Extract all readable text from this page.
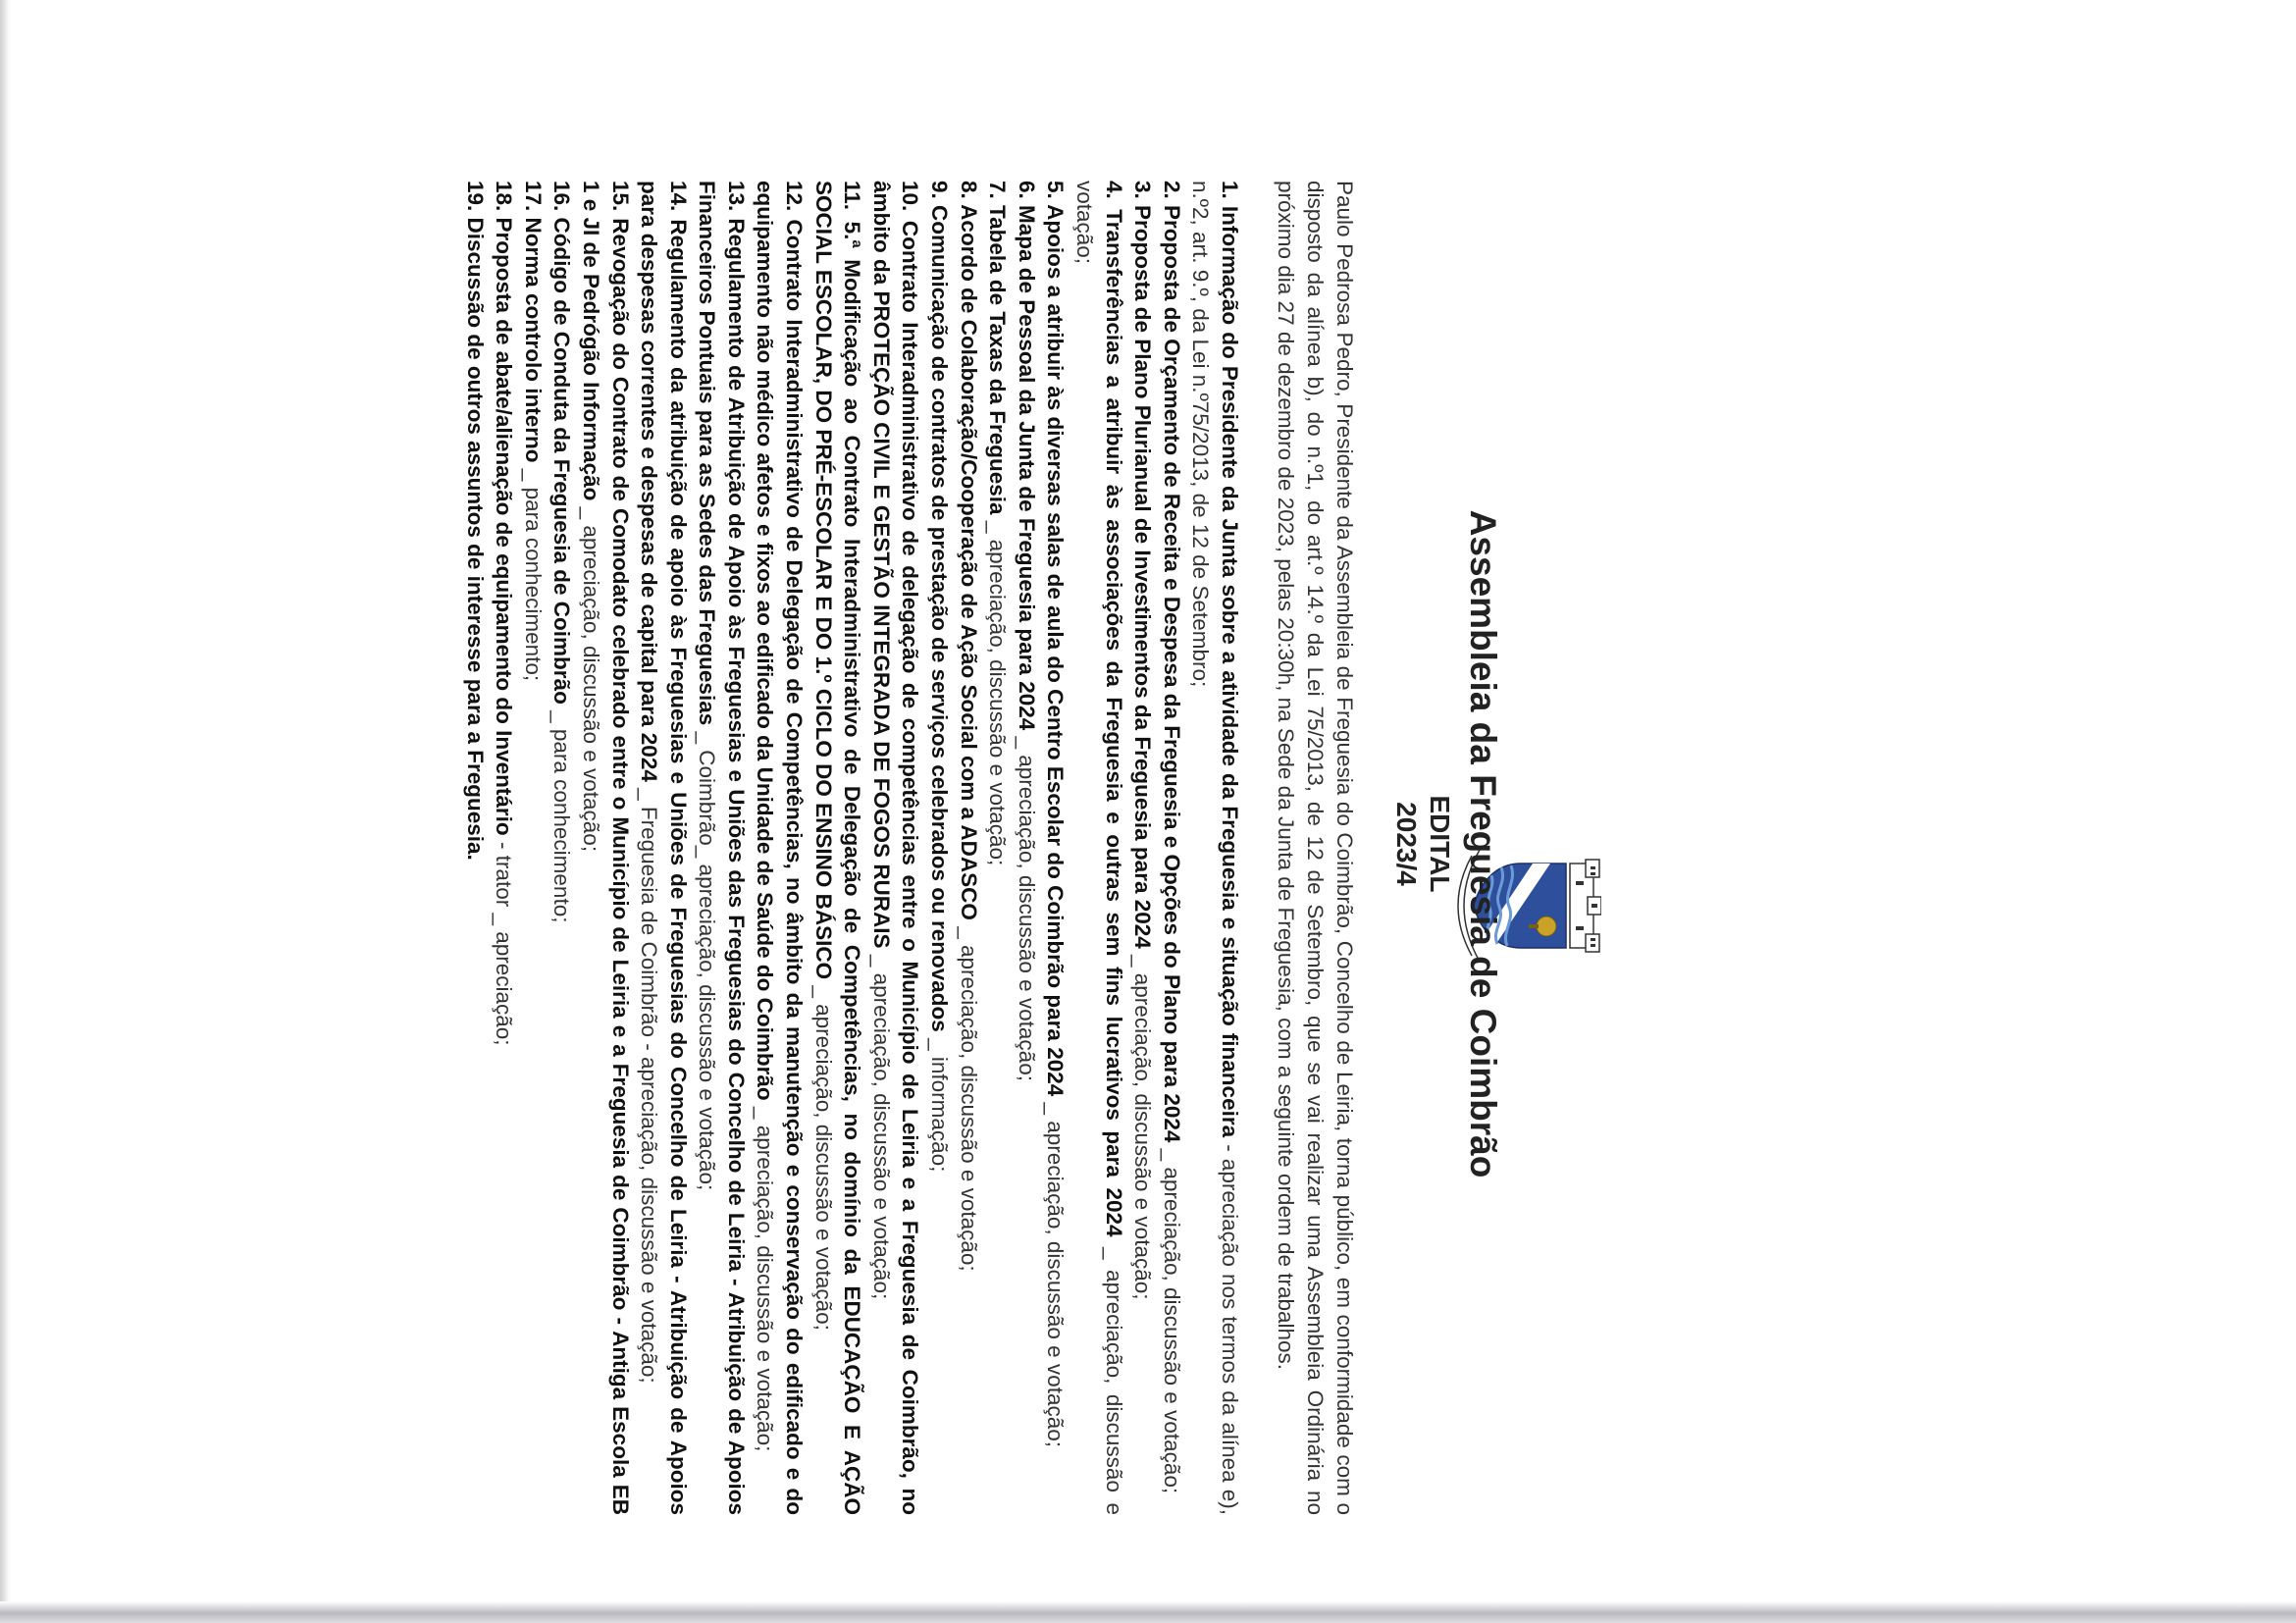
Assembleia da Freguesia de Coimbrão
EDITAL
2023/4

Paulo Pedrosa Pedro, Presidente da Assembleia de Freguesia do Coimbrão, Concelho de Leiria, torna público, em conformidade com o disposto da alínea b), do n.º1, do art.º 14.º da Lei 75/2013, de 12 de Setembro, que se vai realizar uma Assembleia Ordinária no próximo dia 27 de dezembro de 2023, pelas 20:30h, na Sede da Junta de Freguesia, com a seguinte ordem de trabalhos.

1. Informação do Presidente da Junta sobre a atividade da Freguesia e situação financeira - apreciação nos termos da alínea e), n.º2, art. 9.º, da Lei n.º75/2013, de 12 de Setembro;
2. Proposta de Orçamento de Receita e Despesa da Freguesia e Opções do Plano para 2024 _ apreciação, discussão e votação;
3. Proposta de Plano Plurianual de Investimentos da Freguesia para 2024 _ apreciação, discussão e votação;
4. Transferências a atribuir às associações da Freguesia e outras sem fins lucrativos para 2024 _ apreciação, discussão e votação;
5. Apoios a atribuir às diversas salas de aula do Centro Escolar do Coimbrão para 2024 _ apreciação, discussão e votação;
6. Mapa de Pessoal da Junta de Freguesia para 2024 _ apreciação, discussão e votação;
7. Tabela de Taxas da Freguesia _ apreciação, discussão e votação;
8. Acordo de Colaboração/Cooperação de Ação Social com a ADASCO _ apreciação, discussão e votação;
9. Comunicação de contratos de prestação de serviços celebrados ou renovados _ informação;
10. Contrato Interadministrativo de delegação de competências entre o Município de Leiria e a Freguesia de Coimbrão, no âmbito da PROTEÇÃO CIVIL E GESTÃO INTEGRADA DE FOGOS RURAIS _ apreciação, discussão e votação;
11. 5.ª Modificação ao Contrato Interadministrativo de Delegação de Competências, no domínio da EDUCAÇÃO E AÇÃO SOCIAL ESCOLAR, DO PRÉ-ESCOLAR E DO 1.º CICLO DO ENSINO BÁSICO _ apreciação, discussão e votação;
12. Contrato Interadministrativo de Delegação de Competências, no âmbito da manutenção e conservação do edificado e do equipamento não médico afetos e fixos ao edificado da Unidade de Saúde do Coimbrão _ apreciação, discussão e votação;
13. Regulamento de Atribuição de Apoio às Freguesias e Uniões das Freguesias do Concelho de Leiria - Atribuição de Apoios Financeiros Pontuais para as Sedes das Freguesias _ Coimbrão_ apreciação, discussão e votação;
14. Regulamento da atribuição de apoio às Freguesias e Uniões de Freguesias do Concelho de Leiria - Atribuição de Apoios para despesas correntes e despesas de capital para 2024 _ Freguesia de Coimbrão - apreciação, discussão e votação;
15. Revogação do Contrato de Comodato celebrado entre o Município de Leiria e a Freguesia de Coimbrão - Antiga Escola EB 1 e JI de Pedrógão Informação _ apreciação, discussão e votação;
16. Código de Conduta da Freguesia de Coimbrão _ para conhecimento;
17. Norma controlo interno _ para conhecimento;
18. Proposta de abate/alienação de equipamento do Inventário - trator _ apreciação;
19. Discussão de outros assuntos de interesse para a Freguesia.
